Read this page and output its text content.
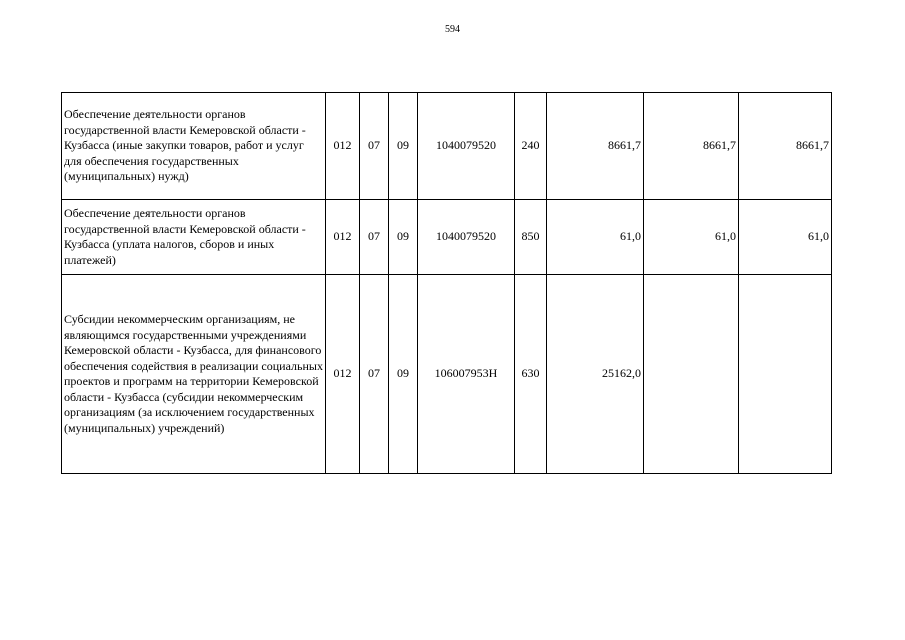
594
Обеспечение деятельности органов государственной власти Кемеровской области - Кузбасса (иные закупки товаров, работ и услуг для обеспечения государственных (муниципальных) нужд)	012	07	09	1040079520	240	8661,7	8661,7	8661,7
Обеспечение деятельности органов государственной власти Кемеровской области - Кузбасса (уплата налогов, сборов и иных платежей)	012	07	09	1040079520	850	61,0	61,0	61,0
Субсидии некоммерческим организациям, не являющимся государственными учреждениями Кемеровской области - Кузбасса, для финансового обеспечения содействия в реализации социальных проектов и программ на территории Кемеровской области - Кузбасса (субсидии некоммерческим организациям (за исключением государственных (муниципальных) учреждений)	012	07	09	106007953Н	630	25162,0		
